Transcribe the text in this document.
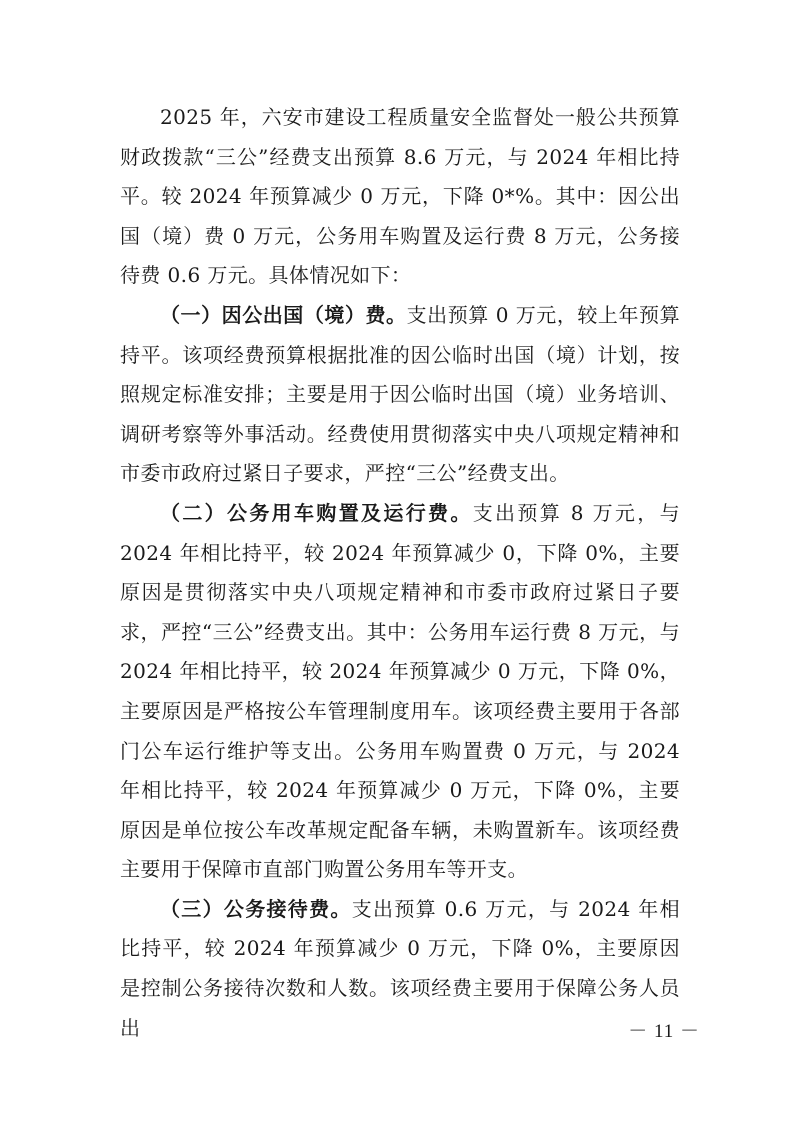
2025 年，六安市建设工程质量安全监督处一般公共预算财政拨款“三公”经费支出预算 8.6 万元，与 2024 年相比持平。较 2024 年预算减少 0 万元，下降 0*%。其中：因公出国（境）费 0 万元，公务用车购置及运行费 8 万元，公务接待费 0.6 万元。具体情况如下：

（一）因公出国（境）费。支出预算 0 万元，较上年预算持平。该项经费预算根据批准的因公临时出国（境）计划，按照规定标准安排；主要是用于因公临时出国（境）业务培训、调研考察等外事活动。经费使用贯彻落实中央八项规定精神和市委市政府过紧日子要求，严控“三公”经费支出。

（二）公务用车购置及运行费。支出预算 8 万元，与 2024 年相比持平，较 2024 年预算减少 0，下降 0%，主要原因是贯彻落实中央八项规定精神和市委市政府过紧日子要求，严控“三公”经费支出。其中：公务用车运行费 8 万元，与 2024 年相比持平，较 2024 年预算减少 0 万元，下降 0%，主要原因是严格按公车管理制度用车。该项经费主要用于各部门公车运行维护等支出。公务用车购置费 0 万元，与 2024 年相比持平，较 2024 年预算减少 0 万元，下降 0%，主要原因是单位按公车改革规定配备车辆，未购置新车。该项经费主要用于保障市直部门购置公务用车等开支。

（三）公务接待费。支出预算 0.6 万元，与 2024 年相比持平，较 2024 年预算减少 0 万元，下降 0%，主要原因是控制公务接待次数和人数。该项经费主要用于保障公务人员出	－ 11 －
